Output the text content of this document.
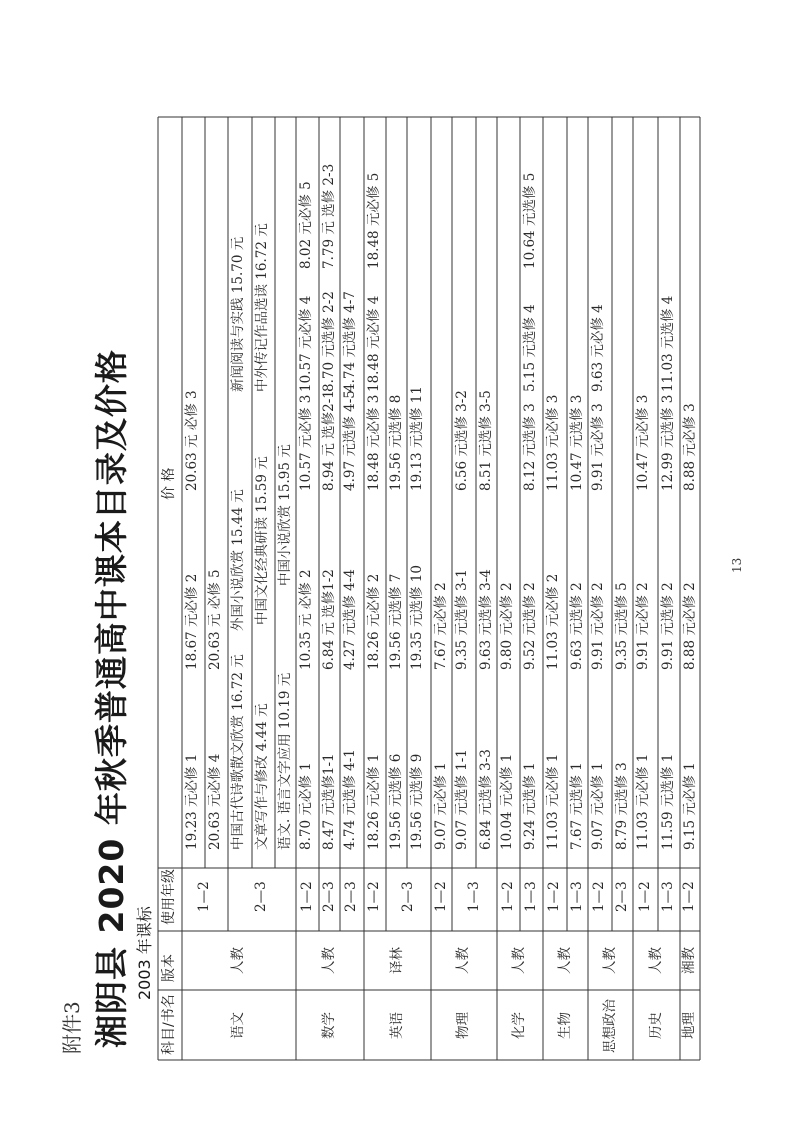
附件3
13
湘阴县 2020 年秋季普通高中课本目录及价格 2003 年课标
科目/书名
版本
使用年级
价 格
语文
人教
数学
人教
英语
译林
物理
人教
化学
人教
生物
人教
思想政治
人教
历史
人教
地理
湘教
1—2	2—3 1—2 2—3 2—3 1—2 2—3 1—2 1—3 1—2 1—3 1—2 1—3 1—2 2—3 1—2 1—3 1—2
19.23 元必修 1
18.67 元必修 2
20.63 元 必修 3
20.63 元必修 4
20.63 元 必修 5
中国古代诗歌散文欣赏 16.72 元
外国小说欣赏 15.44 元
新闻阅读与实践 15.70 元
文章写作与修改 4.44 元
中国文化经典研读 15.59 元
中外传记作品选读 16.72 元
语文. 语言文字应用 10.19 元
中国小说欣赏 15.95 元
8.70 元必修 1
10.35 元 必修 2
10.57 元必修 3
10.57 元必修 4
8.02 元必修 5
8.47 元选修1-1
6.84 元 选修1-2
8.94 元 选修2-1
8.70 元选修 2-2
7.79 元 选修 2-3
4.74 元选修 4-1
4.27 元选修 4-4
4.97 元选修 4-5
4.74 元选修 4-7
18.26 元必修 1
18.26 元必修 2
18.48 元必修 3
18.48 元必修 4
18.48 元必修 5
19.56 元选修 6
19.56 元选修 7
19.56 元选修 8
19.56 元选修 9
19.35 元选修 10
19.13 元选修 11
9.07 元必修 1
7.67 元必修 2
9.07 元选修 1-1
9.35 元选修 3-1
6.56 元选修 3-2
6.84 元选修 3-3
9.63 元选修 3-4
8.51 元选修 3-5
10.04 元必修 1
9.80 元必修 2
9.24 元选修 1
9.52 元选修 2
8.12 元选修 3
5.15 元选修 4
10.64 元选修 5
11.03 元必修 1
11.03 元必修 2
11.03 元必修 3
7.67 元选修 1
9.63 元选修 2
10.47 元选修 3
9.07 元必修 1
9.91 元必修 2
9.91 元必修 3
9.63 元必修 4
8.79 元选修 3
9.35 元选修 5
11.03 元必修 1
9.91 元必修 2
10.47 元必修 3
11.59 元选修 1
9.91 元选修 2
12.99 元选修 3
11.03 元选修 4
9.15 元必修 1
8.88 元必修 2
8.88 元必修 3
